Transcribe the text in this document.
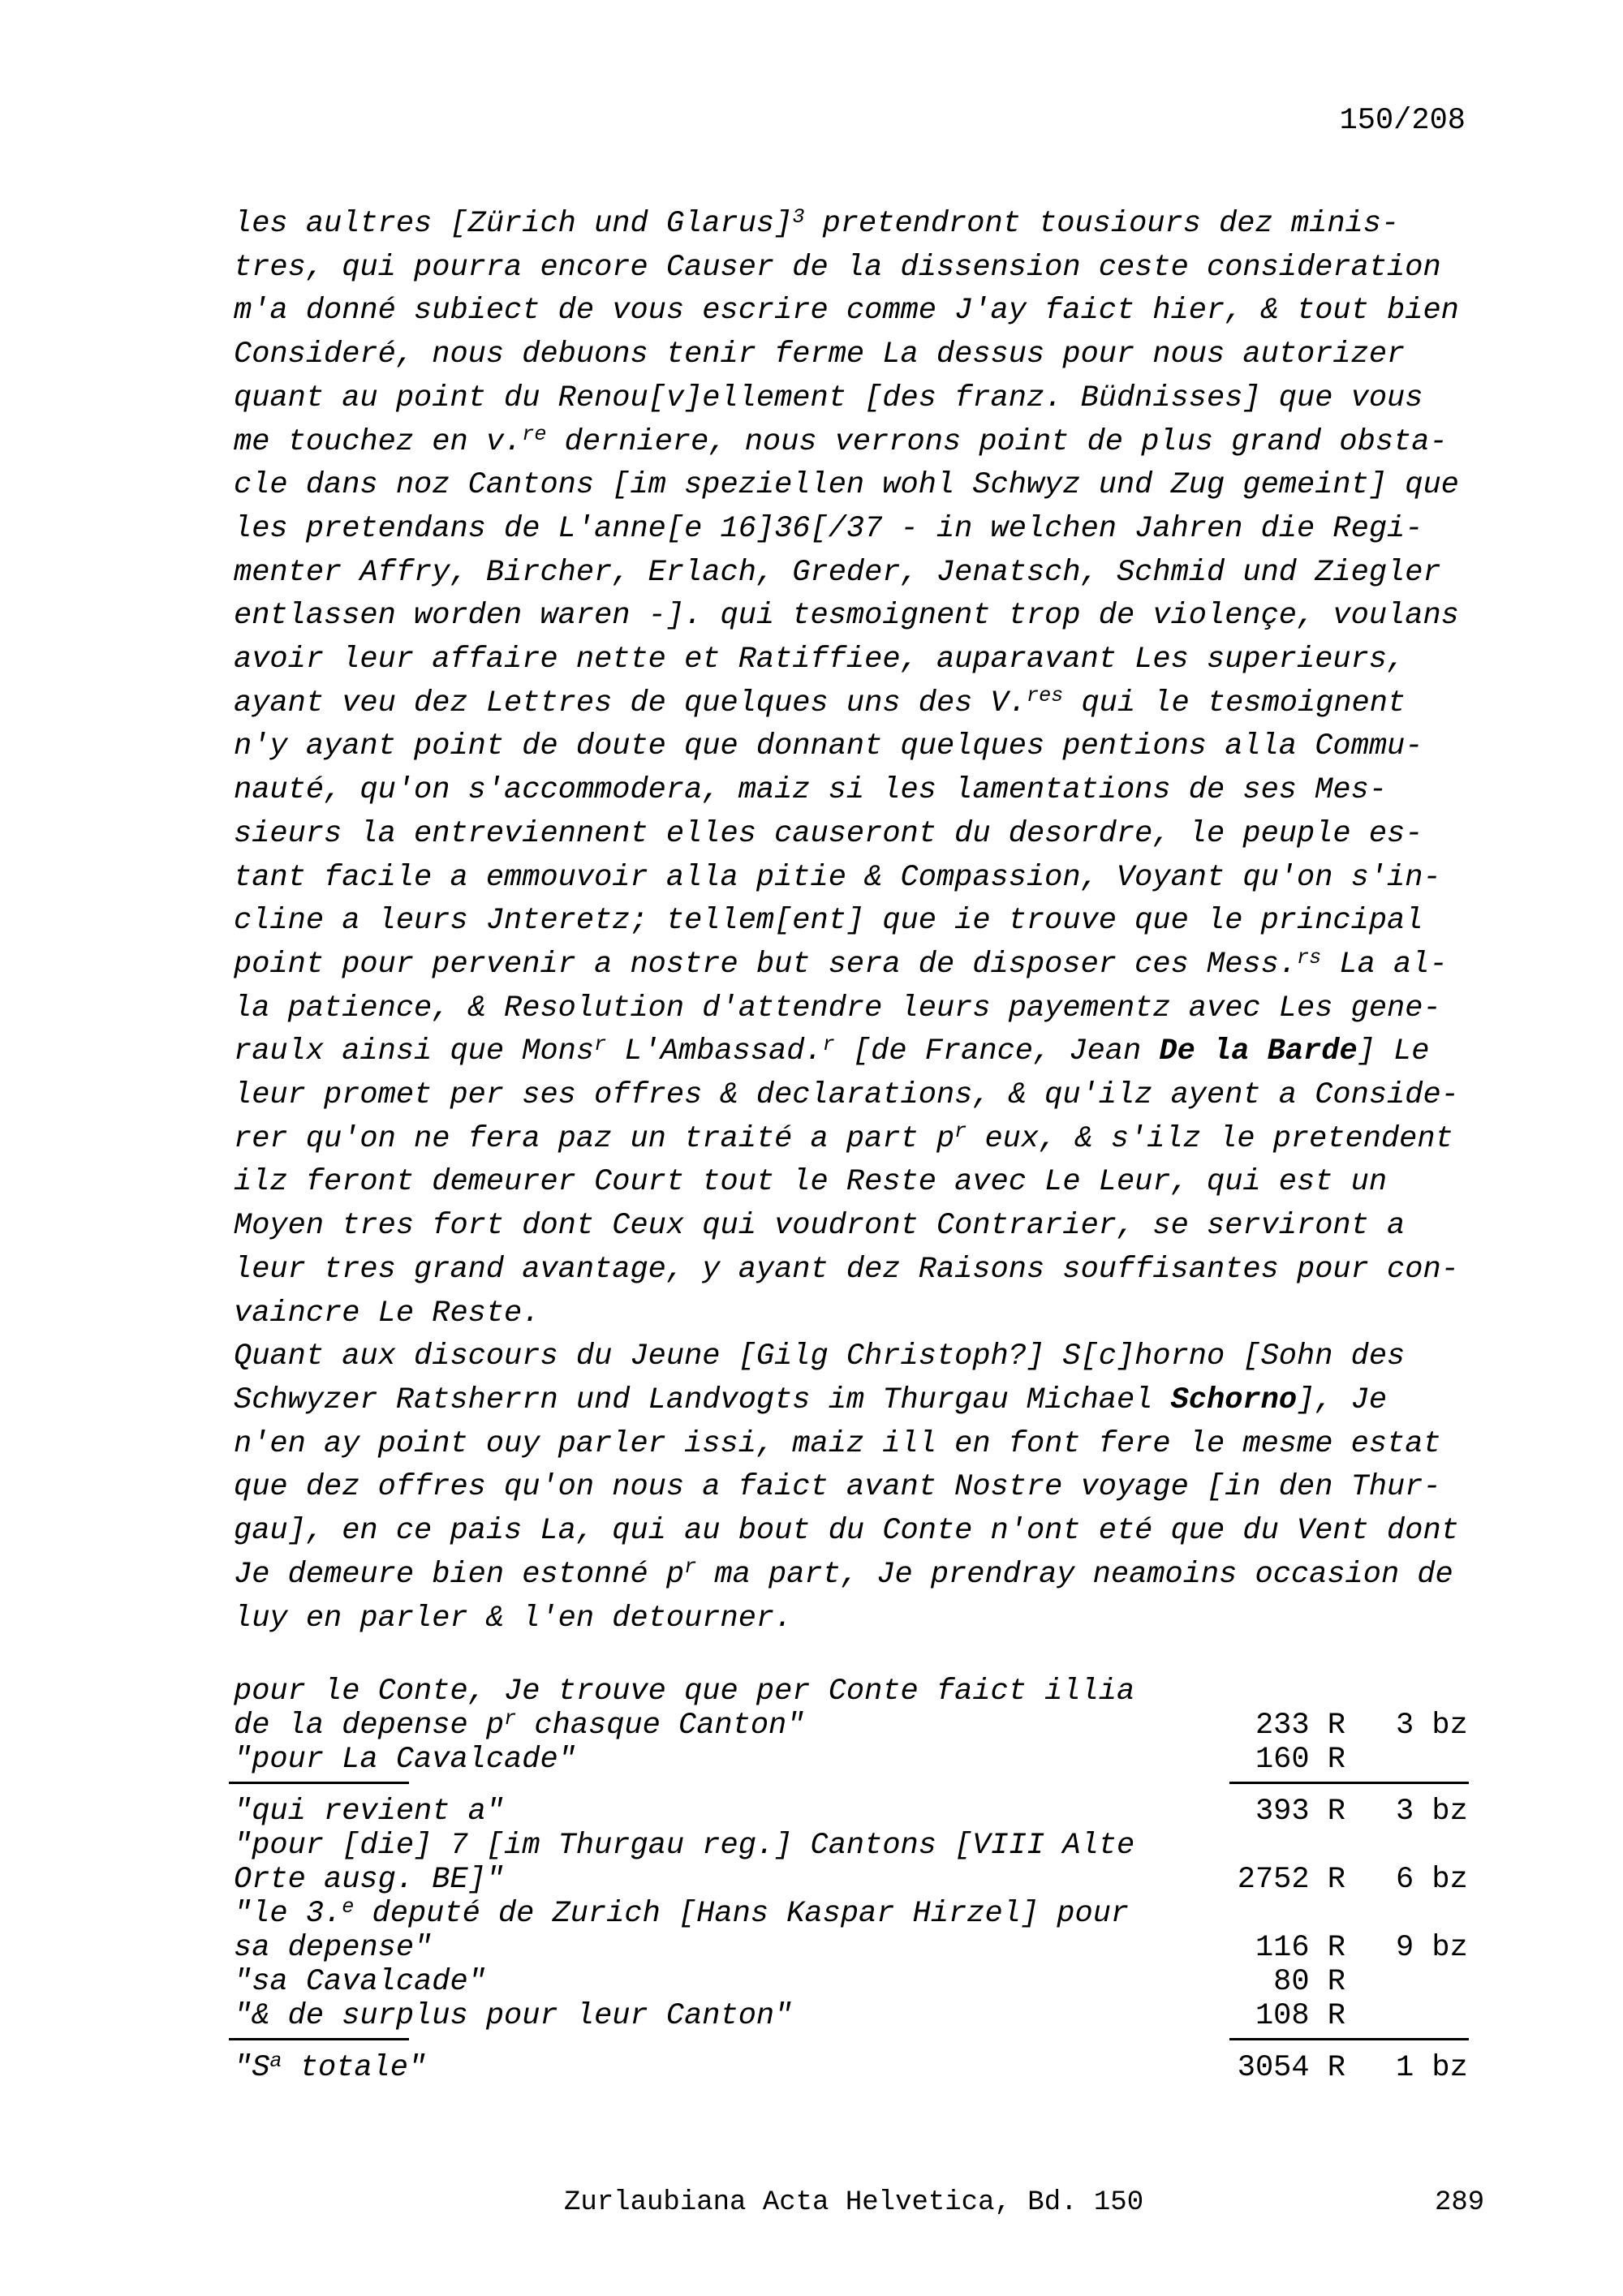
150/208
les aultres [Zürich und Glarus]$^3$ pretendront tousiours dez minis-
tres, qui pourra encore Causer de la dissension ceste consideration
m'a donné subiect de vous escrire comme J'ay faict hier, & tout bien
Consideré, nous debuons tenir ferme La dessus pour nous autorizer
quant au point du Renou[v]ellement [des franz. Büdnisses] que vous
me touchez en v.$^{re}$ derniere, nous verrons point de plus grand obsta-
cle dans noz Cantons [im speziellen wohl Schwyz und Zug gemeint] que
les pretendans de L'anne[e 16]36[/37 - in welchen Jahren die Regi-
menter Affry, Bircher, Erlach, Greder, Jenatsch, Schmid und Ziegler
entlassen worden waren -]. qui tesmoignent trop de violençe, voulans
avoir leur affaire nette et Ratiffiee, auparavant Les superieurs,
ayant veu dez Lettres de quelques uns des V.$^{res}$ qui le tesmoignent
n'y ayant point de doute que donnant quelques pentions alla Commu-
nauté, qu'on s'accommodera, maiz si les lamentations de ses Mes-
sieurs la entreviennent elles causeront du desordre, le peuple es-
tant facile a emmouvoir alla pitie & Compassion, Voyant qu'on s'in-
cline a leurs Jnteretz; tellem[ent] que ie trouve que le principal
point pour pervenir a nostre but sera de disposer ces Mess.$^{rs}$ La al-
la patience, & Resolution d'attendre leurs payementz avec Les gene-
raulx ainsi que Mons$^r$ L'Ambassad.$^r$ [de France, Jean De la Barde] Le
leur promet per ses offres & declarations, & qu'ilz ayent a Conside-
rer qu'on ne fera paz un traité a part $p^r$ eux, & s'ilz le pretendent
ilz feront demeurer Court tout le Reste avec Le Leur, qui est un
Moyen tres fort dont Ceux qui voudront Contrarier, se serviront a
leur tres grand avantage, y ayant dez Raisons souffisantes pour con-
vaincre Le Reste.
Quant aux discours du Jeune [Gilg Christoph?] S[c]horno [Sohn des
Schwyzer Ratsherrn und Landvogts im Thurgau Michael Schorno], Je
n'en ay point ouy parler issi, maiz ill en font fere le mesme estat
que dez offres qu'on nous a faict avant Nostre voyage [in den Thur-
gau], en ce pais La, qui au bout du Conte n'ont eté que du Vent dont
Je demeure bien estonné $p^r$ ma part, Je prendray neamoins occasion de
luy en parler & l'en detourner.
pour le Conte, Je trouve que per Conte faict illia
de la depense $p^r$ chasque Canton"	233 R 3 bz
"pour La Cavalcade"	160 R
"qui revient a"	393 R 3 bz
"pour [die] 7 [im Thurgau reg.] Cantons [VIII Alte
Orte ausg. BE]"	2752 R 6 bz
"le 3.$^e$ deputé de Zurich [Hans Kaspar Hirzel] pour
sa depense"	116 R 9 bz
"sa Cavalcade"	80 R
"& de surplus pour leur Canton"	108 R
"$S^a$ totale"	3054 R 1 bz
Zurlaubiana Acta Helvetica, Bd. 150	289
